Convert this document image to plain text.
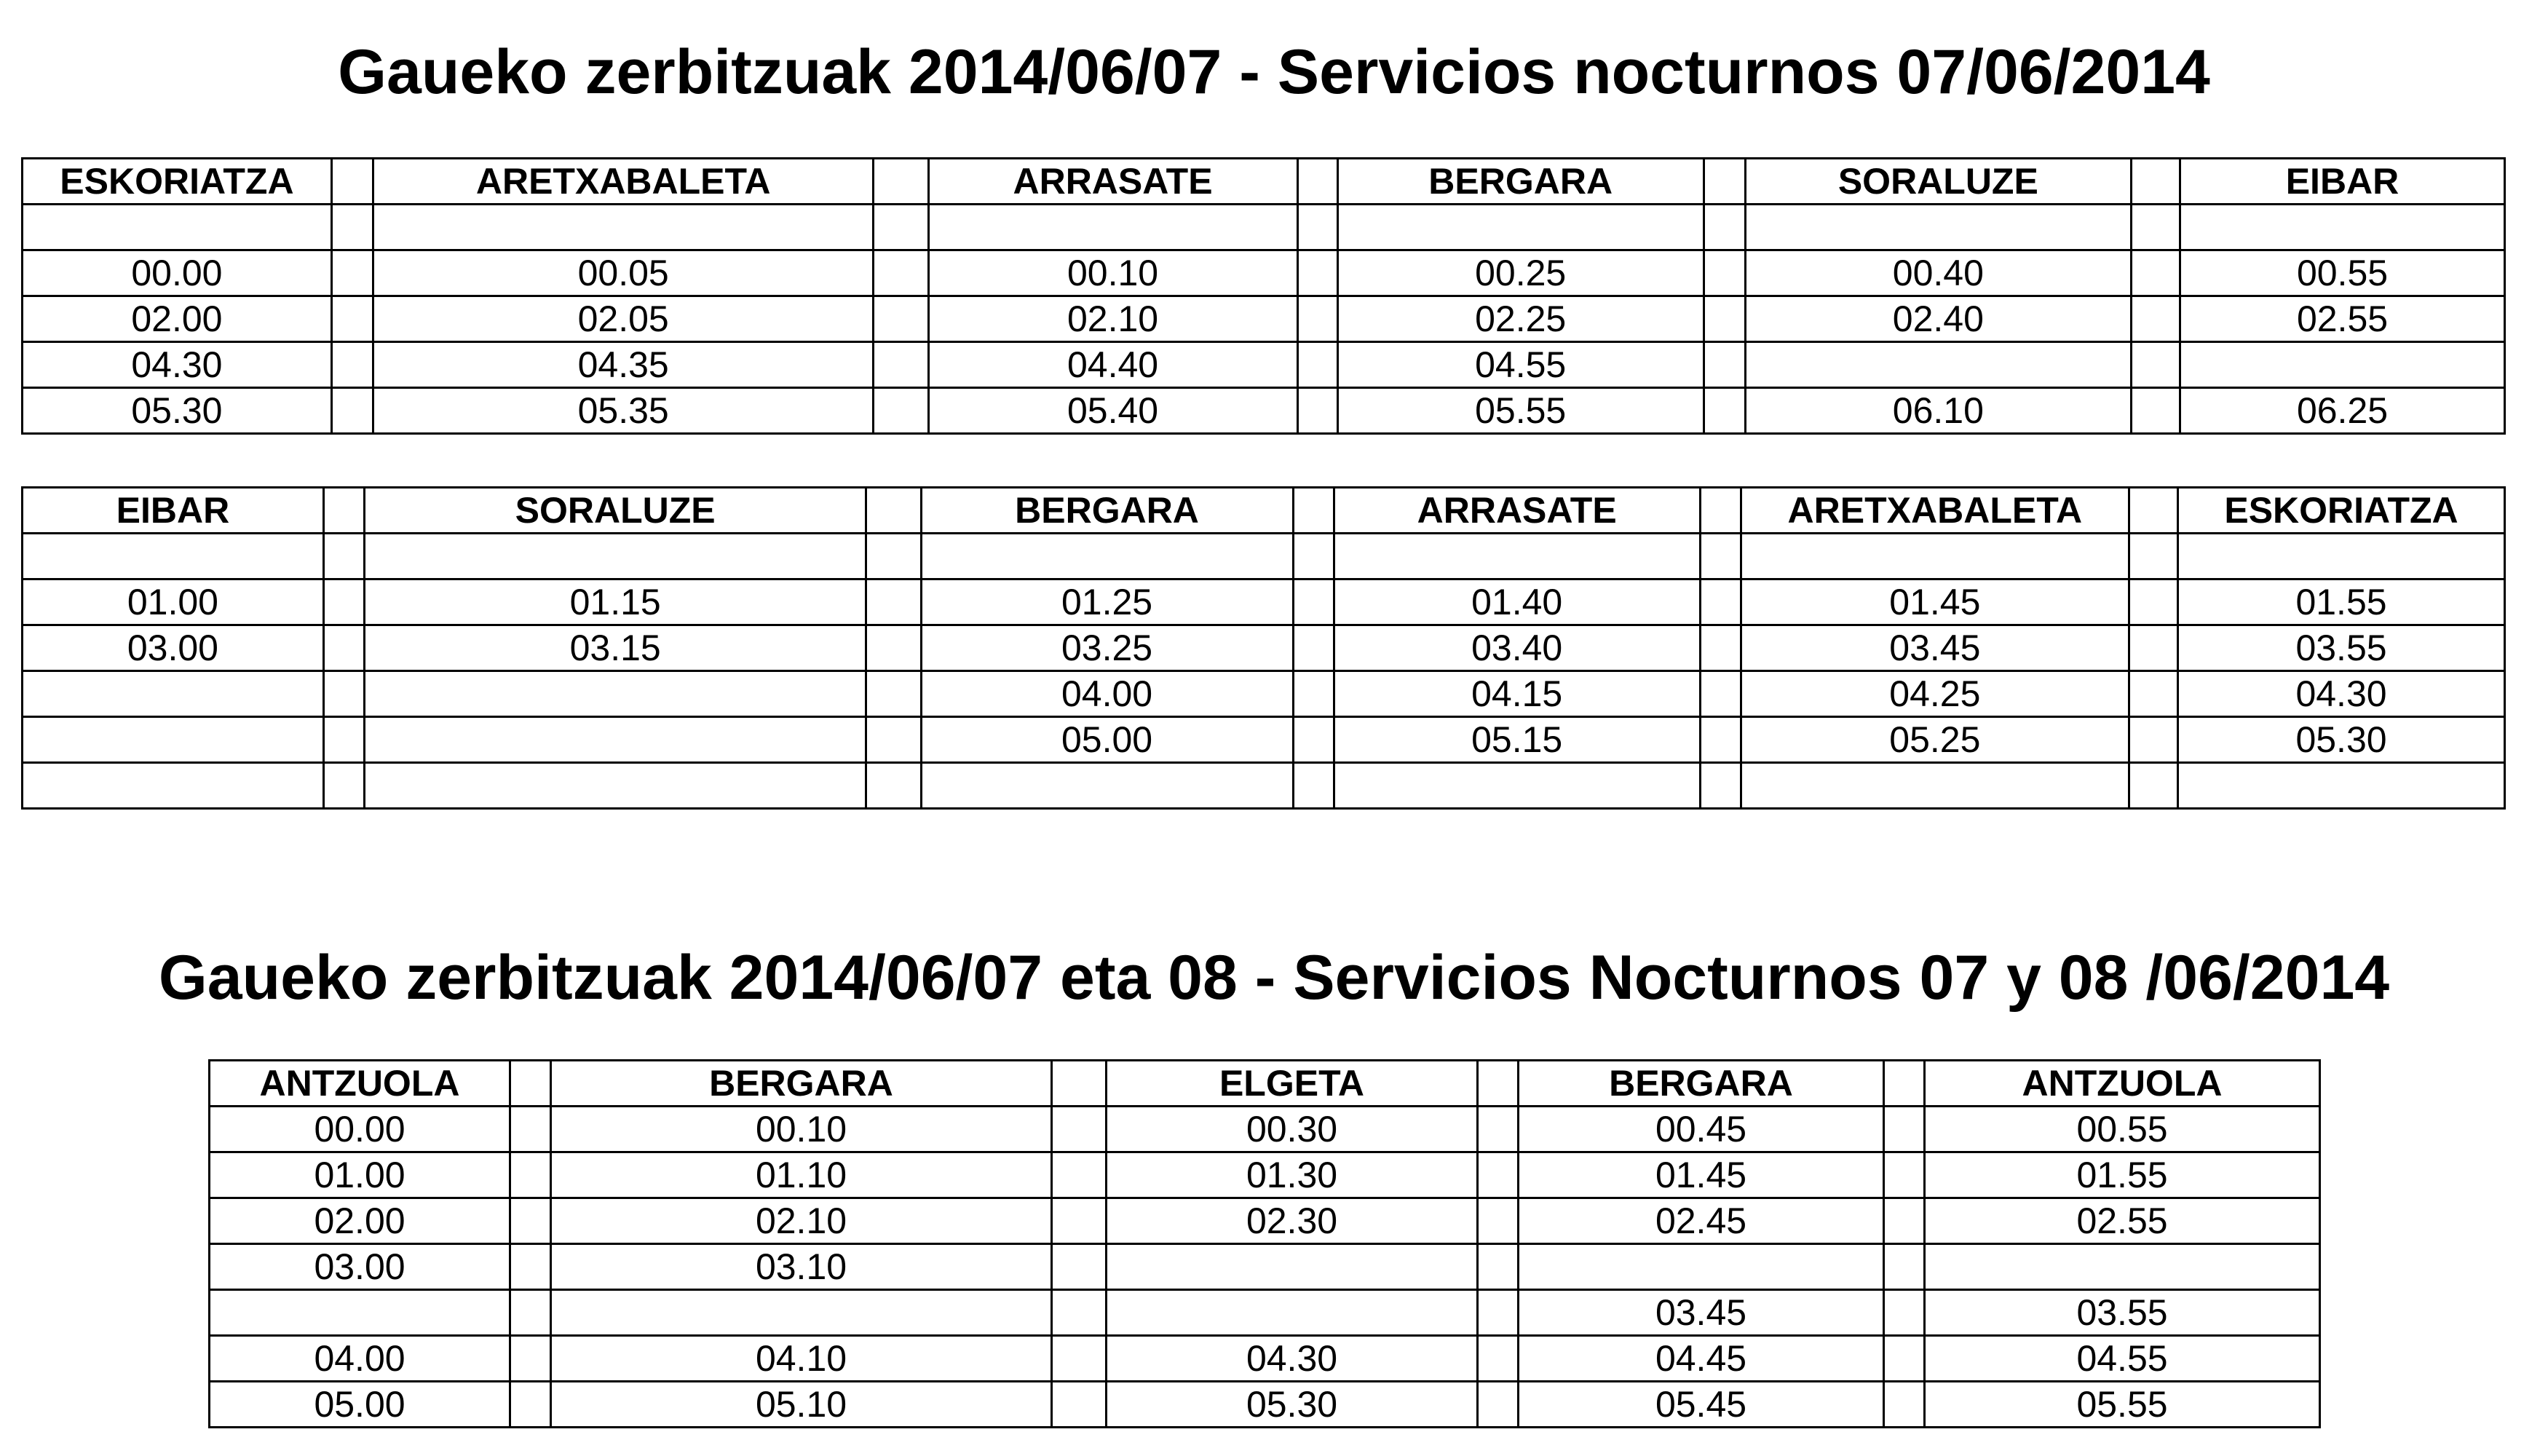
Gaueko zerbitzuak 2014/06/07 - Servicios nocturnos 07/06/2014
ESKORIATZA		ARETXABALETA		ARRASATE		BERGARA		SORALUZE		EIBAR

00.00		00.05		00.10		00.25		00.40		00.55
02.00		02.05		02.10		02.25		02.40		02.55
04.30		04.35		04.40		04.55				
05.30		05.35		05.40		05.55		06.10		06.25
EIBAR		SORALUZE		BERGARA		ARRASATE		ARETXABALETA		ESKORIATZA

01.00		01.15		01.25		01.40		01.45		01.55
03.00		03.15		03.25		03.40		03.45		03.55
				04.00		04.15		04.25		04.30
				05.00		05.15		05.25		05.30

Gaueko zerbitzuak 2014/06/07 eta 08 - Servicios Nocturnos 07 y 08 /06/2014
ANTZUOLA		BERGARA		ELGETA		BERGARA		ANTZUOLA
00.00		00.10		00.30		00.45		00.55
01.00		01.10		01.30		01.45		01.55
02.00		02.10		02.30		02.45		02.55
03.00		03.10						
						03.45		03.55
04.00		04.10		04.30		04.45		04.55
05.00		05.10		05.30		05.45		05.55
